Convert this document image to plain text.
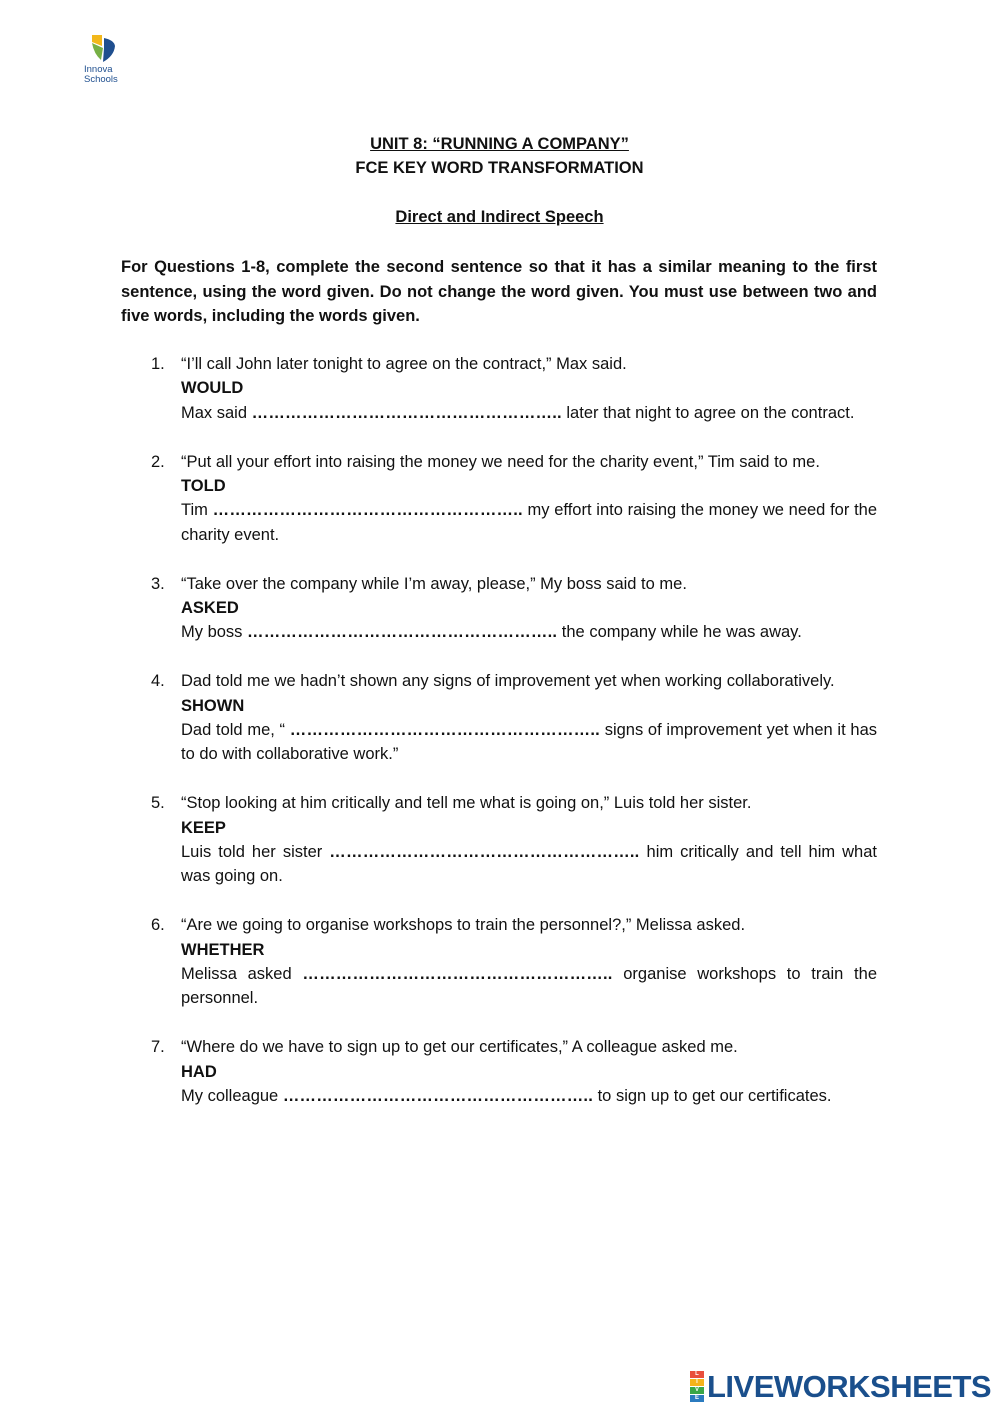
Innova
Schools
UNIT 8: “RUNNING A COMPANY”
FCE KEY WORD TRANSFORMATION
Direct and Indirect Speech
For Questions 1-8, complete the second sentence so that it has a similar meaning to the first sentence, using the word given. Do not change the word given. You must use between two and five words, including the words given.
1. “I’ll call John later tonight to agree on the contract,” Max said.
WOULD
Max said ……………………………………………….. later that night to agree on the contract.
2. “Put all your effort into raising the money we need for the charity event,” Tim said to me.
TOLD
Tim ……………………………………………….. my effort into raising the money we need for the charity event.
3. “Take over the company while I’m away, please,” My boss said to me.
ASKED
My boss ……………………………………………….. the company while he was away.
4. Dad told me we hadn’t shown any signs of improvement yet when working collaboratively.
SHOWN
Dad told me, “ ……………………………………………….. signs of improvement yet when it has to do with collaborative work.”
5. “Stop looking at him critically and tell me what is going on,” Luis told her sister.
KEEP
Luis told her sister ……………………………………………….. him critically and tell him what was going on.
6. “Are we going to organise workshops to train the personnel?,” Melissa asked.
WHETHER
Melissa asked ……………………………………………….. organise workshops to train the personnel.
7. “Where do we have to sign up to get our certificates,” A colleague asked me.
HAD
My colleague ……………………………………………….. to sign up to get our certificates.
L
I
V
E LIVEWORKSHEETS
